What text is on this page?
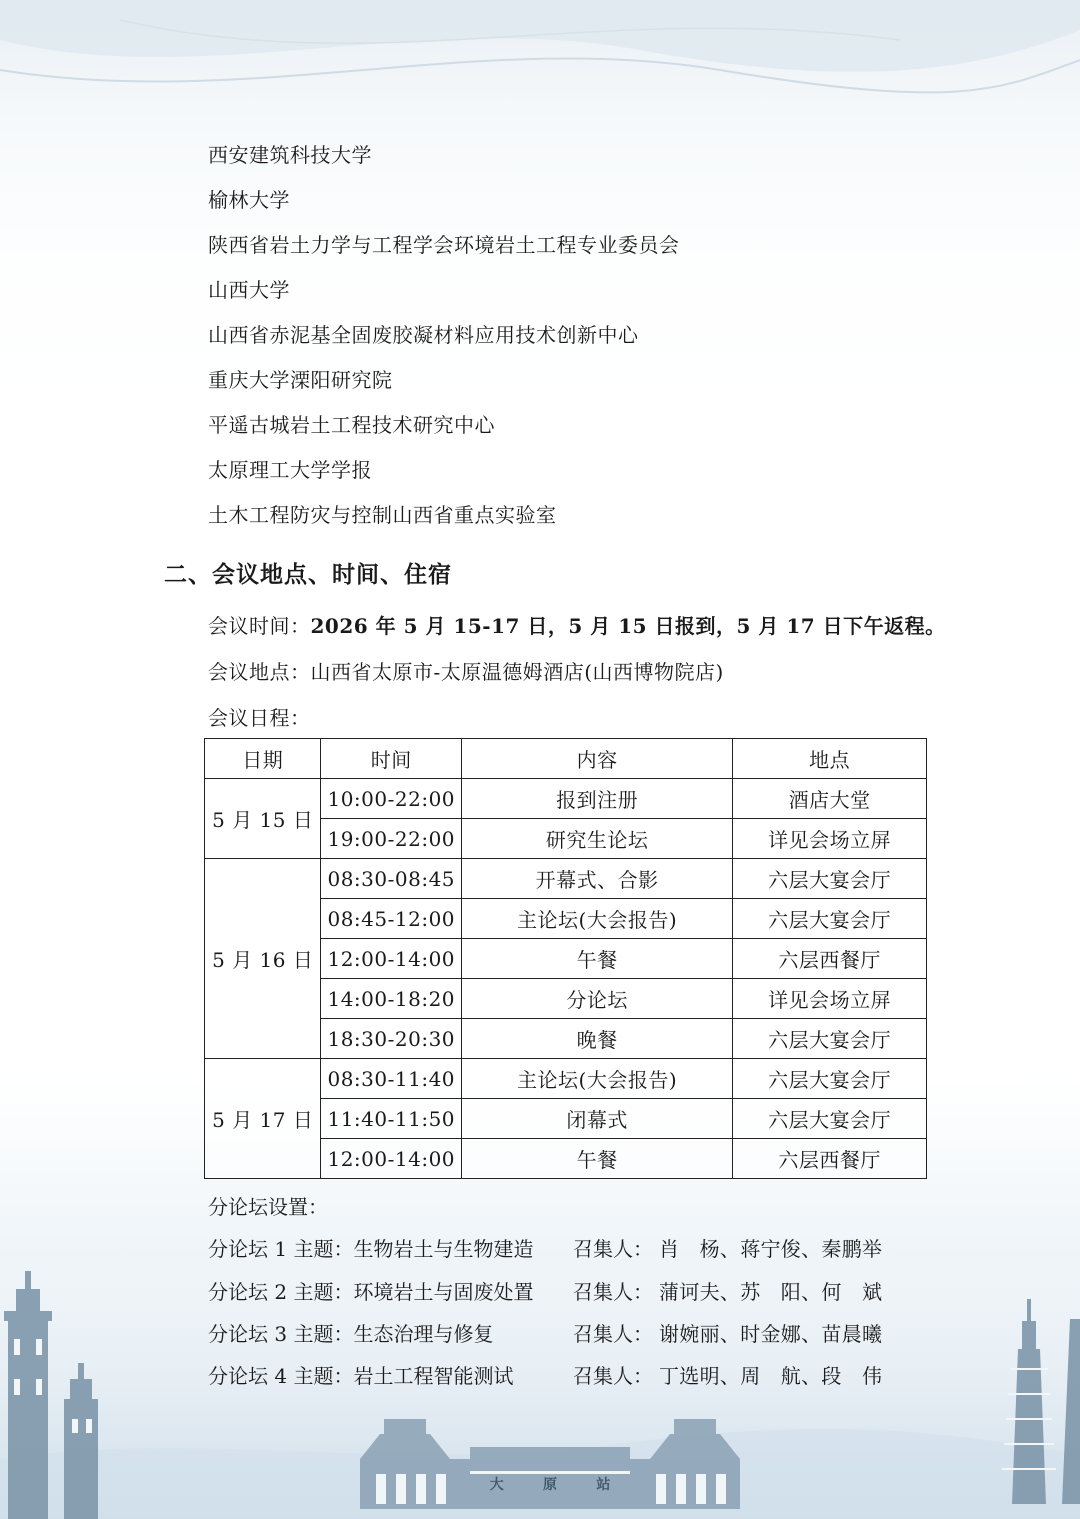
西安建筑科技大学
榆林大学
陕西省岩土力学与工程学会环境岩土工程专业委员会
山西大学
山西省赤泥基全固废胶凝材料应用技术创新中心
重庆大学溧阳研究院
平遥古城岩土工程技术研究中心
太原理工大学学报
土木工程防灾与控制山西省重点实验室
二、会议地点、时间、住宿
会议时间：2026 年 5 月 15-17 日，5 月 15 日报到，5 月 17 日下午返程。
会议地点：山西省太原市-太原温德姆酒店(山西博物院店)
会议日程：
日期	时间	内容	地点
5 月 15 日	10:00-22:00	报到注册	酒店大堂
	19:00-22:00	研究生论坛	详见会场立屏
5 月 16 日	08:30-08:45	开幕式、合影	六层大宴会厅
	08:45-12:00	主论坛(大会报告)	六层大宴会厅
	12:00-14:00	午餐	六层西餐厅
	14:00-18:20	分论坛	详见会场立屏
	18:30-20:30	晚餐	六层大宴会厅
5 月 17 日	08:30-11:40	主论坛(大会报告)	六层大宴会厅
	11:40-11:50	闭幕式	六层大宴会厅
	12:00-14:00	午餐	六层西餐厅
大	原	站
分论坛设置：
分论坛 1 主题：生物岩土与生物建造 召集人： 肖　杨、蒋宁俊、秦鹏举
分论坛 2 主题：环境岩土与固废处置 召集人： 蒲诃夫、苏　阳、何　斌
分论坛 3 主题：生态治理与修复	召集人： 谢婉丽、时金娜、苗晨曦
分论坛 4 主题：岩土工程智能测试	召集人： 丁选明、周　航、段　伟
